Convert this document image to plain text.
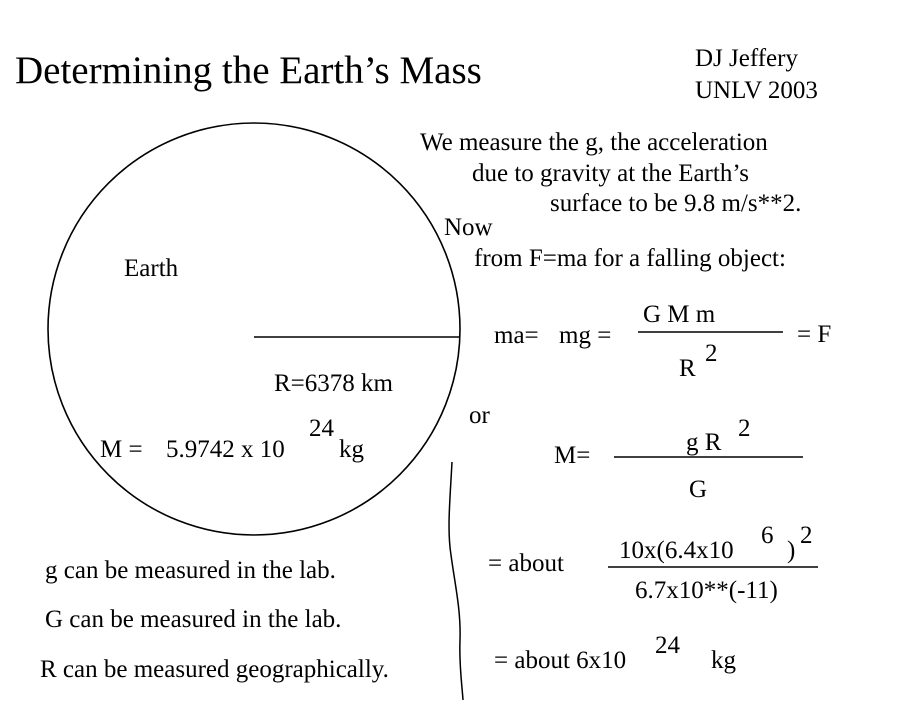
Determining the Earth’s Mass	DJ Jeffery
UNLV 2003
We measure the g, the acceleration
due to gravity at the Earth’s
surface to be 9.8 m/s**2.
Now
from F=ma for a falling object:
Earth
R=6378 km
M = 5.9742 x 10
24
kg
ma= mg =
G M m
R
2
= F
or
M=	g R
2
G
= about 10x(6.4x10
6
)
2
6.7x10**(-11)
= about 6x10
24
kg
g can be measured in the lab.
G can be measured in the lab.
R can be measured geographically.
